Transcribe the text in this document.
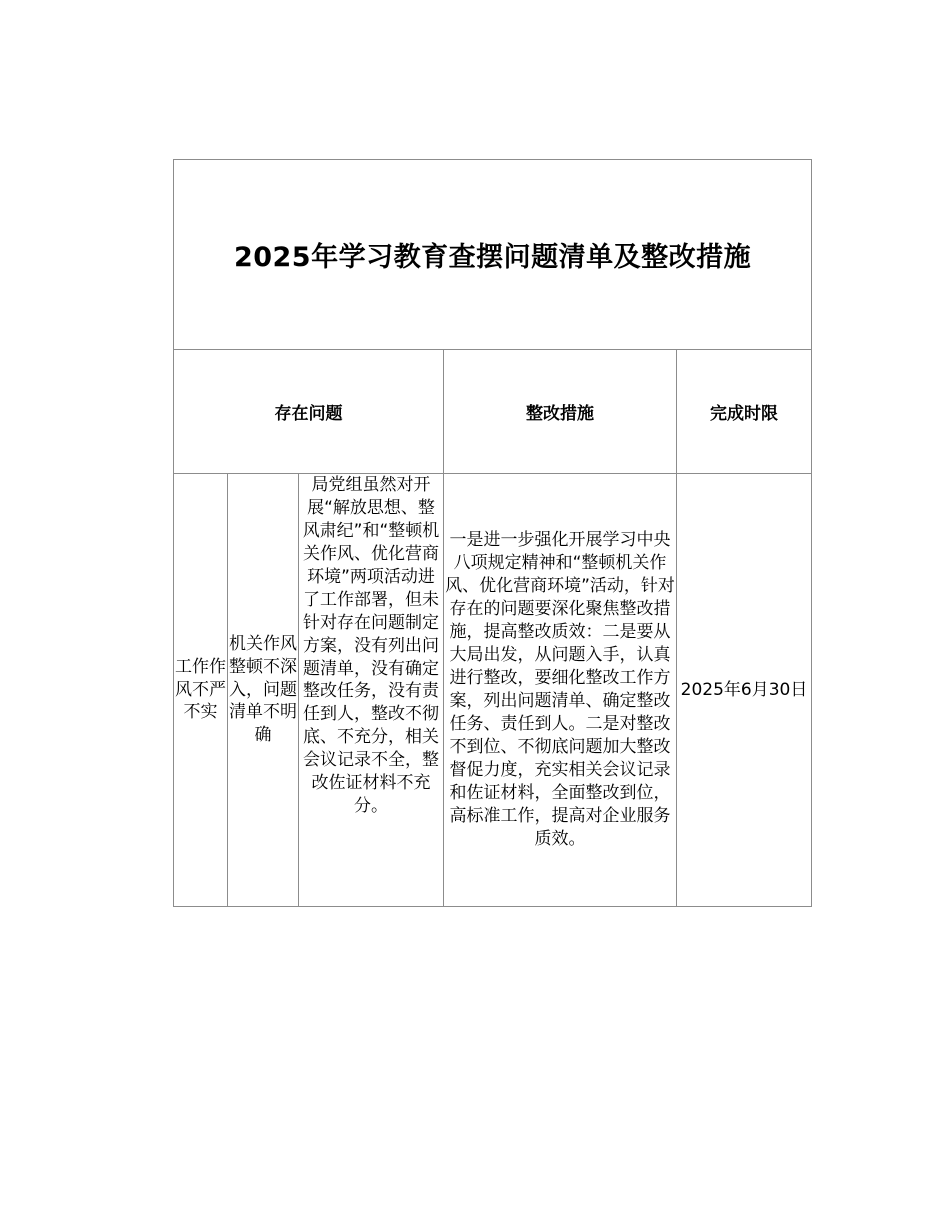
2025年学习教育查摆问题清单及整改措施				
存在问题			整改措施	完成时限
工作作风不严不实	机关作风整顿不深入，问题清单不明确	局党组虽然对开展“解放思想、整风肃纪”和“整顿机关作风、优化营商环境”两项活动进了工作部署，但未针对存在问题制定方案，没有列出问题清单，没有确定整改任务，没有责任到人，整改不彻底、不充分，相关会议记录不全，整改佐证材料不充分。	一是进一步强化开展学习中央八项规定精神和“整顿机关作风、优化营商环境”活动，针对存在的问题要深化聚焦整改措施，提高整改质效：二是要从大局出发，从问题入手，认真进行整改，要细化整改工作方案，列出问题清单、确定整改任务、责任到人。二是对整改不到位、不彻底问题加大整改督促力度，充实相关会议记录和佐证材料，全面整改到位，高标准工作，提高对企业服务质效。	2025年6月30日
